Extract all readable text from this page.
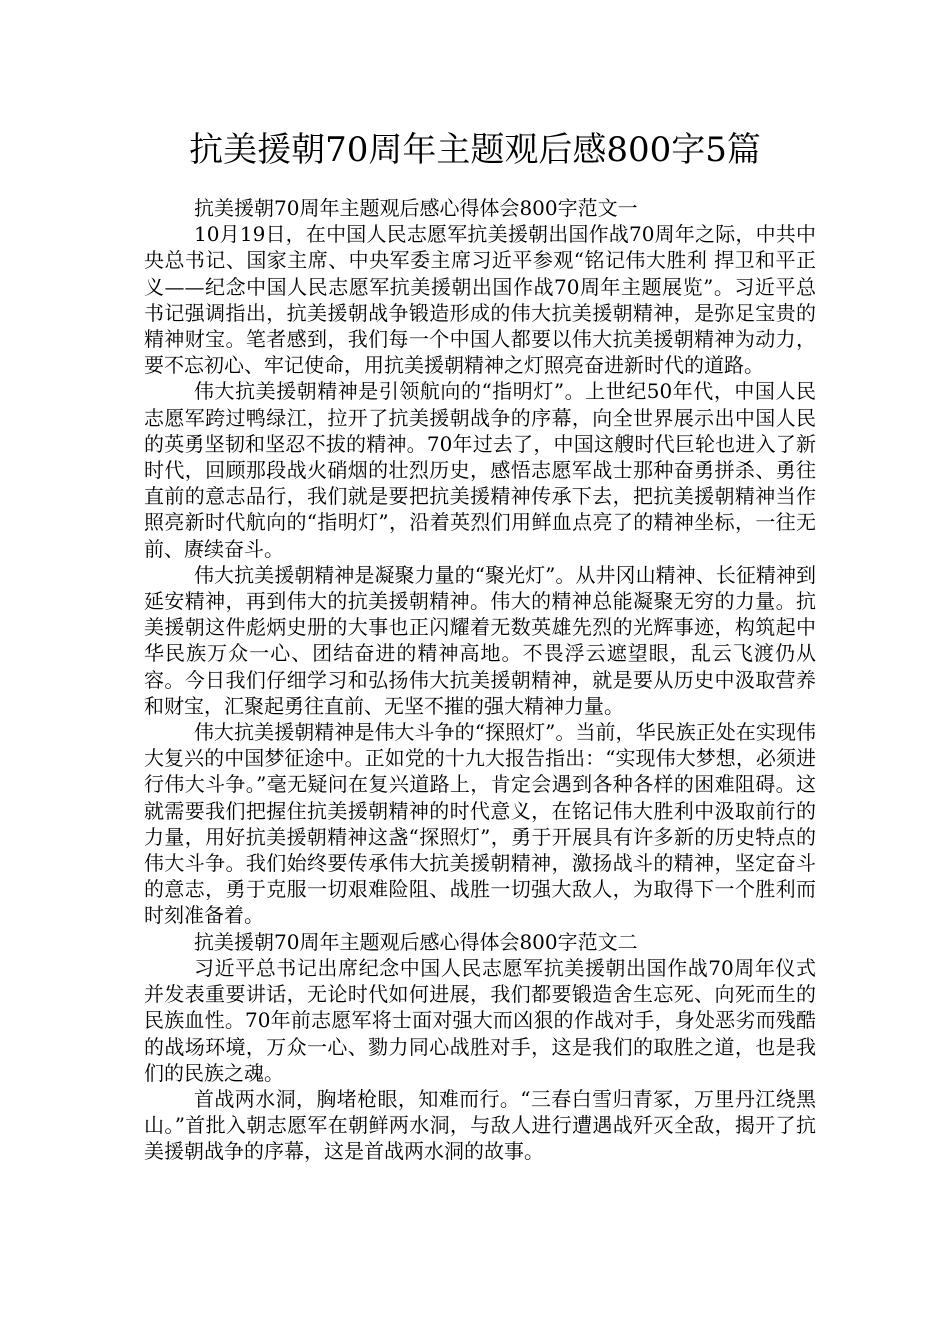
抗美援朝70周年主题观后感800字5篇

抗美援朝70周年主题观后感心得体会800字范文一

10月19日，在中国人民志愿军抗美援朝出国作战70周年之际，中共中央总书记、国家主席、中央军委主席习近平参观“铭记伟大胜利 捍卫和平正义——纪念中国人民志愿军抗美援朝出国作战70周年主题展览”。习近平总书记强调指出，抗美援朝战争锻造形成的伟大抗美援朝精神，是弥足宝贵的精神财宝。笔者感到，我们每一个中国人都要以伟大抗美援朝精神为动力，要不忘初心、牢记使命，用抗美援朝精神之灯照亮奋进新时代的道路。

伟大抗美援朝精神是引领航向的“指明灯”。上世纪50年代，中国人民志愿军跨过鸭绿江，拉开了抗美援朝战争的序幕，向全世界展示出中国人民的英勇坚韧和坚忍不拔的精神。70年过去了，中国这艘时代巨轮也进入了新时代，回顾那段战火硝烟的壮烈历史，感悟志愿军战士那种奋勇拼杀、勇往直前的意志品行，我们就是要把抗美援精神传承下去，把抗美援朝精神当作照亮新时代航向的“指明灯”，沿着英烈们用鲜血点亮了的精神坐标，一往无前、赓续奋斗。

伟大抗美援朝精神是凝聚力量的“聚光灯”。从井冈山精神、长征精神到延安精神，再到伟大的抗美援朝精神。伟大的精神总能凝聚无穷的力量。抗美援朝这件彪炳史册的大事也正闪耀着无数英雄先烈的光辉事迹，构筑起中华民族万众一心、团结奋进的精神高地。不畏浮云遮望眼，乱云飞渡仍从容。今日我们仔细学习和弘扬伟大抗美援朝精神，就是要从历史中汲取营养和财宝，汇聚起勇往直前、无坚不摧的强大精神力量。

伟大抗美援朝精神是伟大斗争的“探照灯”。当前，华民族正处在实现伟大复兴的中国梦征途中。正如党的十九大报告指出：“实现伟大梦想，必须进行伟大斗争。”毫无疑问在复兴道路上，肯定会遇到各种各样的困难阻碍。这就需要我们把握住抗美援朝精神的时代意义，在铭记伟大胜利中汲取前行的力量，用好抗美援朝精神这盏“探照灯”，勇于开展具有许多新的历史特点的伟大斗争。我们始终要传承伟大抗美援朝精神，激扬战斗的精神，坚定奋斗的意志，勇于克服一切艰难险阻、战胜一切强大敌人，为取得下一个胜利而时刻准备着。

抗美援朝70周年主题观后感心得体会800字范文二

习近平总书记出席纪念中国人民志愿军抗美援朝出国作战70周年仪式并发表重要讲话，无论时代如何进展，我们都要锻造舍生忘死、向死而生的民族血性。70年前志愿军将士面对强大而凶狠的作战对手，身处恶劣而残酷的战场环境，万众一心、勠力同心战胜对手，这是我们的取胜之道，也是我们的民族之魂。

首战两水洞，胸堵枪眼，知难而行。“三春白雪归青冢，万里丹江绕黑山。”首批入朝志愿军在朝鲜两水洞，与敌人进行遭遇战歼灭全敌，揭开了抗美援朝战争的序幕，这是首战两水洞的故事。
